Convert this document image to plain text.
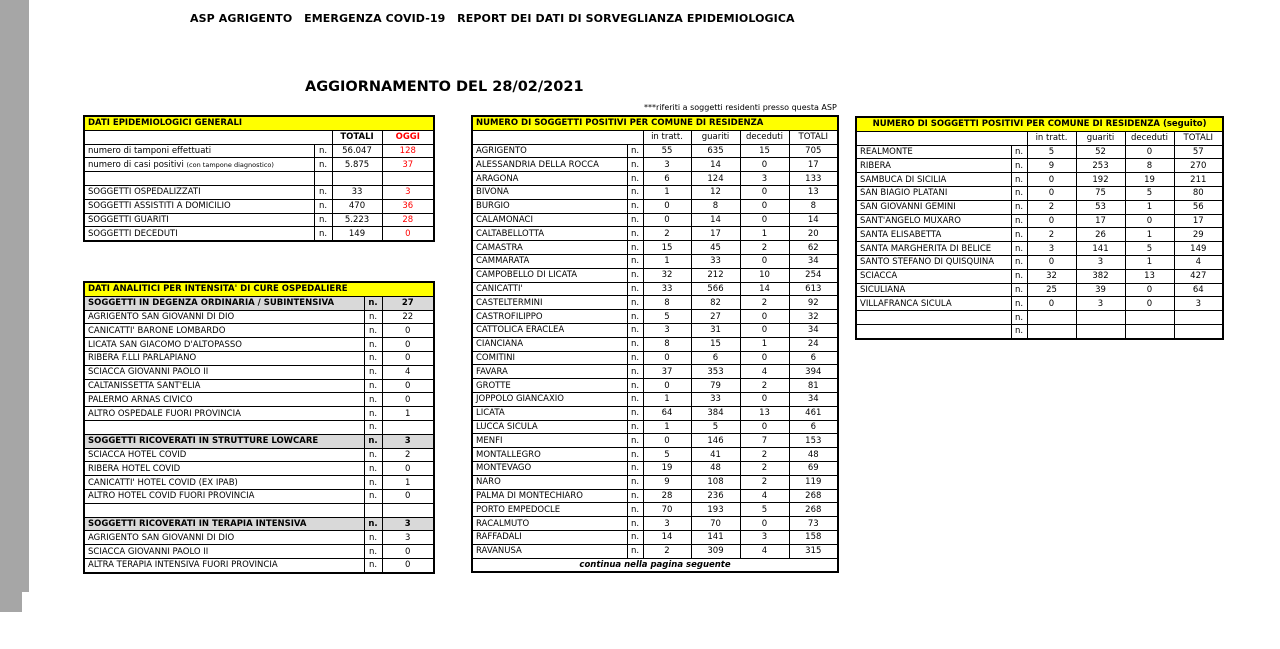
ASP AGRIGENTO   EMERGENZA COVID-19   REPORT DEI DATI DI SORVEGLIANZA EPIDEMIOLOGICA
AGGIORNAMENTO DEL 28/02/2021
***riferiti a soggetti residenti presso questa ASP
DATI EPIDEMIOLOGICI GENERALI			
		TOTALI	OGGI
numero di tamponi effettuati	n.	56.047	128
numero di casi positivi (con tampone diagnostico)	n.	5.875	37

SOGGETTI OSPEDALIZZATI	n.	33	3
SOGGETTI ASSISTITI A DOMICILIO	n.	470	36
SOGGETTI GUARITI	n.	5.223	28
SOGGETTI DECEDUTI	n.	149	0
DATI ANALITICI PER INTENSITA' DI CURE OSPEDALIERE		
SOGGETTI IN DEGENZA ORDINARIA / SUBINTENSIVA	n.	27
AGRIGENTO SAN GIOVANNI DI DIO	n.	22
CANICATTI' BARONE LOMBARDO	n.	0
LICATA SAN GIACOMO D'ALTOPASSO	n.	0
RIBERA F.LLI PARLAPIANO	n.	0
SCIACCA GIOVANNI PAOLO II	n.	4
CALTANISSETTA SANT'ELIA	n.	0
PALERMO ARNAS CIVICO	n.	0
ALTRO OSPEDALE FUORI PROVINCIA	n.	1
	n.	
SOGGETTI RICOVERATI IN STRUTTURE LOWCARE	n.	3
SCIACCA HOTEL COVID	n.	2
RIBERA HOTEL COVID	n.	0
CANICATTI' HOTEL COVID (EX IPAB)	n.	1
ALTRO HOTEL COVID FUORI PROVINCIA	n.	0

SOGGETTI RICOVERATI IN TERAPIA INTENSIVA	n.	3
AGRIGENTO SAN GIOVANNI DI DIO	n.	3
SCIACCA GIOVANNI PAOLO II	n.	0
ALTRA TERAPIA INTENSIVA FUORI PROVINCIA	n.	0
NUMERO DI SOGGETTI POSITIVI PER COMUNE DI RESIDENZA					
		in tratt.	guariti	deceduti	TOTALI
AGRIGENTO	n.	55	635	15	705
ALESSANDRIA DELLA ROCCA	n.	3	14	0	17
ARAGONA	n.	6	124	3	133
BIVONA	n.	1	12	0	13
BURGIO	n.	0	8	0	8
CALAMONACI	n.	0	14	0	14
CALTABELLOTTA	n.	2	17	1	20
CAMASTRA	n.	15	45	2	62
CAMMARATA	n.	1	33	0	34
CAMPOBELLO DI LICATA	n.	32	212	10	254
CANICATTI'	n.	33	566	14	613
CASTELTERMINI	n.	8	82	2	92
CASTROFILIPPO	n.	5	27	0	32
CATTOLICA ERACLEA	n.	3	31	0	34
CIANCIANA	n.	8	15	1	24
COMITINI	n.	0	6	0	6
FAVARA	n.	37	353	4	394
GROTTE	n.	0	79	2	81
JOPPOLO GIANCAXIO	n.	1	33	0	34
LICATA	n.	64	384	13	461
LUCCA SICULA	n.	1	5	0	6
MENFI	n.	0	146	7	153
MONTALLEGRO	n.	5	41	2	48
MONTEVAGO	n.	19	48	2	69
NARO	n.	9	108	2	119
PALMA DI MONTECHIARO	n.	28	236	4	268
PORTO EMPEDOCLE	n.	70	193	5	268
RACALMUTO	n.	3	70	0	73
RAFFADALI	n.	14	141	3	158
RAVANUSA	n.	2	309	4	315
continua nella pagina seguente					
NUMERO DI SOGGETTI POSITIVI PER COMUNE DI RESIDENZA (seguito)					
		in tratt.	guariti	deceduti	TOTALI
REALMONTE	n.	5	52	0	57
RIBERA	n.	9	253	8	270
SAMBUCA DI SICILIA	n.	0	192	19	211
SAN BIAGIO PLATANI	n.	0	75	5	80
SAN GIOVANNI GEMINI	n.	2	53	1	56
SANT'ANGELO MUXARO	n.	0	17	0	17
SANTA ELISABETTA	n.	2	26	1	29
SANTA MARGHERITA DI BELICE	n.	3	141	5	149
SANTO STEFANO DI QUISQUINA	n.	0	3	1	4
SCIACCA	n.	32	382	13	427
SICULIANA	n.	25	39	0	64
VILLAFRANCA SICULA	n.	0	3	0	3
	n.				
	n.				
